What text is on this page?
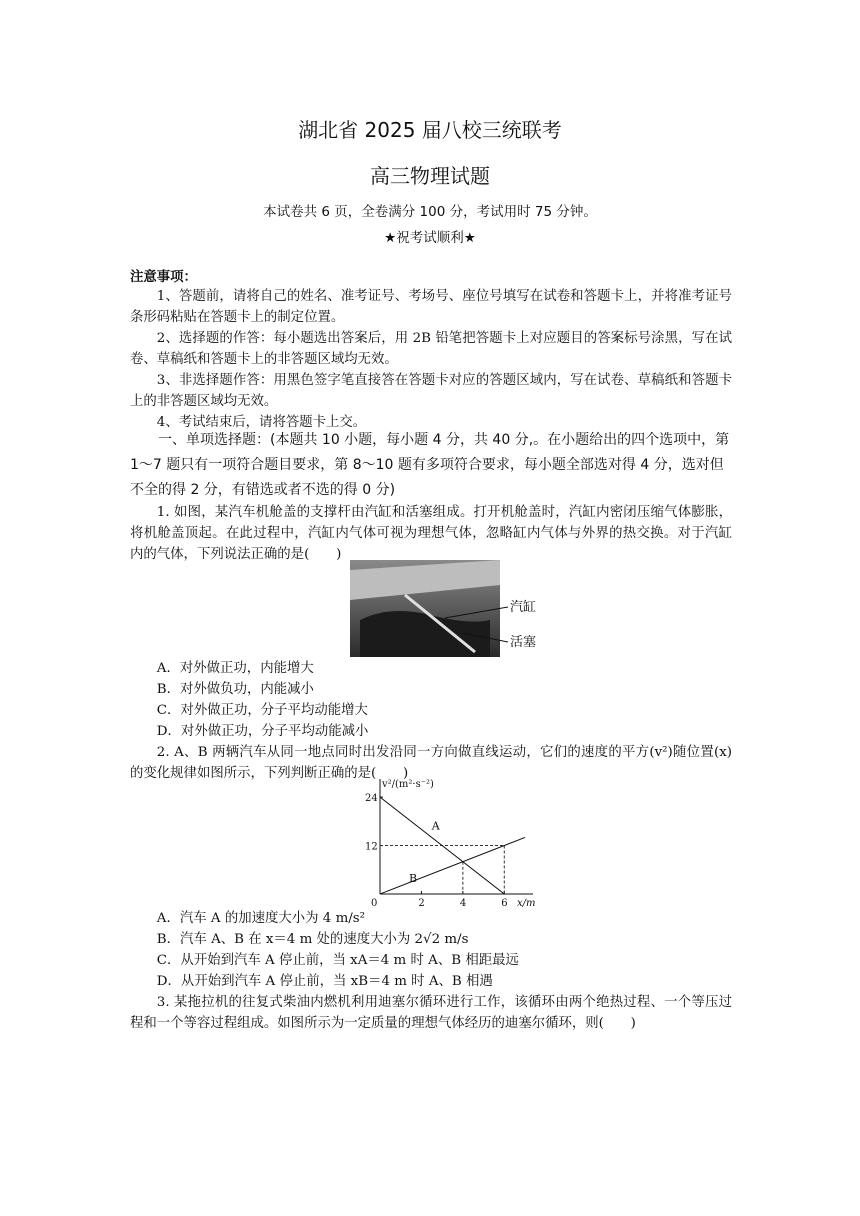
湖北省 2025 届八校三统联考
高三物理试题
本试卷共 6 页，全卷满分 100 分，考试用时 75 分钟。
★祝考试顺利★
注意事项：

1、答题前，请将自己的姓名、准考证号、考场号、座位号填写在试卷和答题卡上，并将准考证号条形码粘贴在答题卡上的制定位置。

2、选择题的作答：每小题选出答案后，用 2B 铅笔把答题卡上对应题目的答案标号涂黑，写在试卷、草稿纸和答题卡上的非答题区域均无效。

3、非选择题作答：用黑色签字笔直接答在答题卡对应的答题区域内，写在试卷、草稿纸和答题卡上的非答题区域均无效。

4、考试结束后，请将答题卡上交。

一、单项选择题：(本题共 10 小题，每小题 4 分，共 40 分,。在小题给出的四个选项中，第 1～7 题只有一项符合题目要求，第 8～10 题有多项符合要求，每小题全部选对得 4 分，选对但不全的得 2 分，有错选或者不选的得 0 分)

1. 如图，某汽车机舱盖的支撑杆由汽缸和活塞组成。打开机舱盖时，汽缸内密闭压缩气体膨胀，将机舱盖顶起。在此过程中，汽缸内气体可视为理想气体，忽略缸内气体与外界的热交换。对于汽缸内的气体，下列说法正确的是(　　)

汽缸
活塞

A．对外做正功，内能增大

B．对外做负功，内能减小

C．对外做正功，分子平均动能增大

D．对外做正功，分子平均动能减小

2. A、B 两辆汽车从同一地点同时出发沿同一方向做直线运动，它们的速度的平方(v²)随位置(x)的变化规律如图所示，下列判断正确的是(　　)

v²/(m²·s⁻²)
x/m
0	2	4	6
12
24
A
B

A．汽车 A 的加速度大小为 4 m/s²

B．汽车 A、B 在 x＝4 m 处的速度大小为 2√2 m/s

C．从开始到汽车 A 停止前，当 xA＝4 m 时 A、B 相距最远

D．从开始到汽车 A 停止前，当 xB＝4 m 时 A、B 相遇

3. 某拖拉机的往复式柴油内燃机利用迪塞尔循环进行工作，该循环由两个绝热过程、一个等压过程和一个等容过程组成。如图所示为一定质量的理想气体经历的迪塞尔循环，则(　　)
